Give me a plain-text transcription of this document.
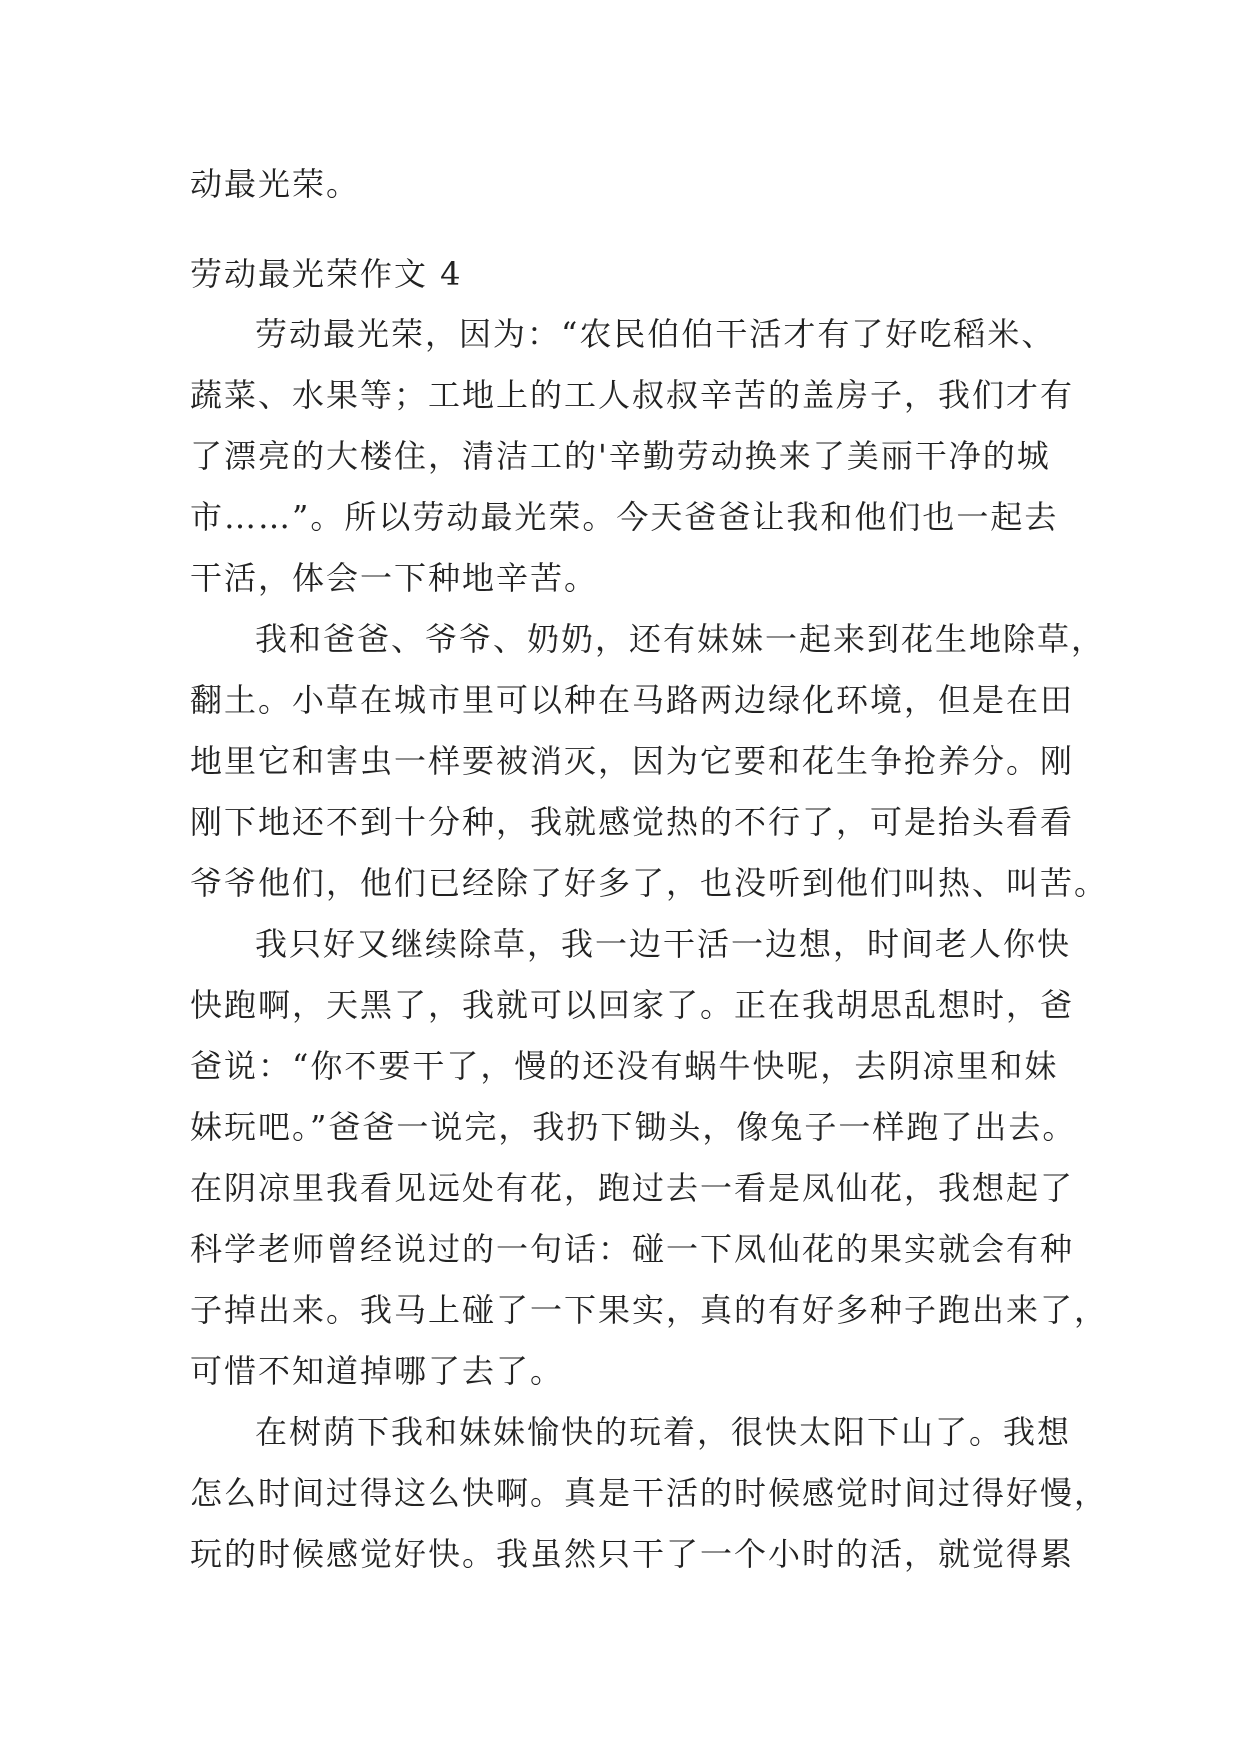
动最光荣。
劳动最光荣作文 4
劳动最光荣，因为：“农民伯伯干活才有了好吃稻米、
蔬菜、水果等；工地上的工人叔叔辛苦的盖房子，我们才有
了漂亮的大楼住，清洁工的'辛勤劳动换来了美丽干净的城
市……”。所以劳动最光荣。今天爸爸让我和他们也一起去
干活，体会一下种地辛苦。
我和爸爸、爷爷、奶奶，还有妹妹一起来到花生地除草，
翻土。小草在城市里可以种在马路两边绿化环境，但是在田
地里它和害虫一样要被消灭，因为它要和花生争抢养分。刚
刚下地还不到十分种，我就感觉热的不行了，可是抬头看看
爷爷他们，他们已经除了好多了，也没听到他们叫热、叫苦。
我只好又继续除草，我一边干活一边想，时间老人你快
快跑啊，天黑了，我就可以回家了。正在我胡思乱想时，爸
爸说：“你不要干了，慢的还没有蜗牛快呢，去阴凉里和妹
妹玩吧。”爸爸一说完，我扔下锄头，像兔子一样跑了出去。
在阴凉里我看见远处有花，跑过去一看是凤仙花，我想起了
科学老师曾经说过的一句话：碰一下凤仙花的果实就会有种
子掉出来。我马上碰了一下果实，真的有好多种子跑出来了，
可惜不知道掉哪了去了。
在树荫下我和妹妹愉快的玩着，很快太阳下山了。我想
怎么时间过得这么快啊。真是干活的时候感觉时间过得好慢，
玩的时候感觉好快。我虽然只干了一个小时的活，就觉得累
